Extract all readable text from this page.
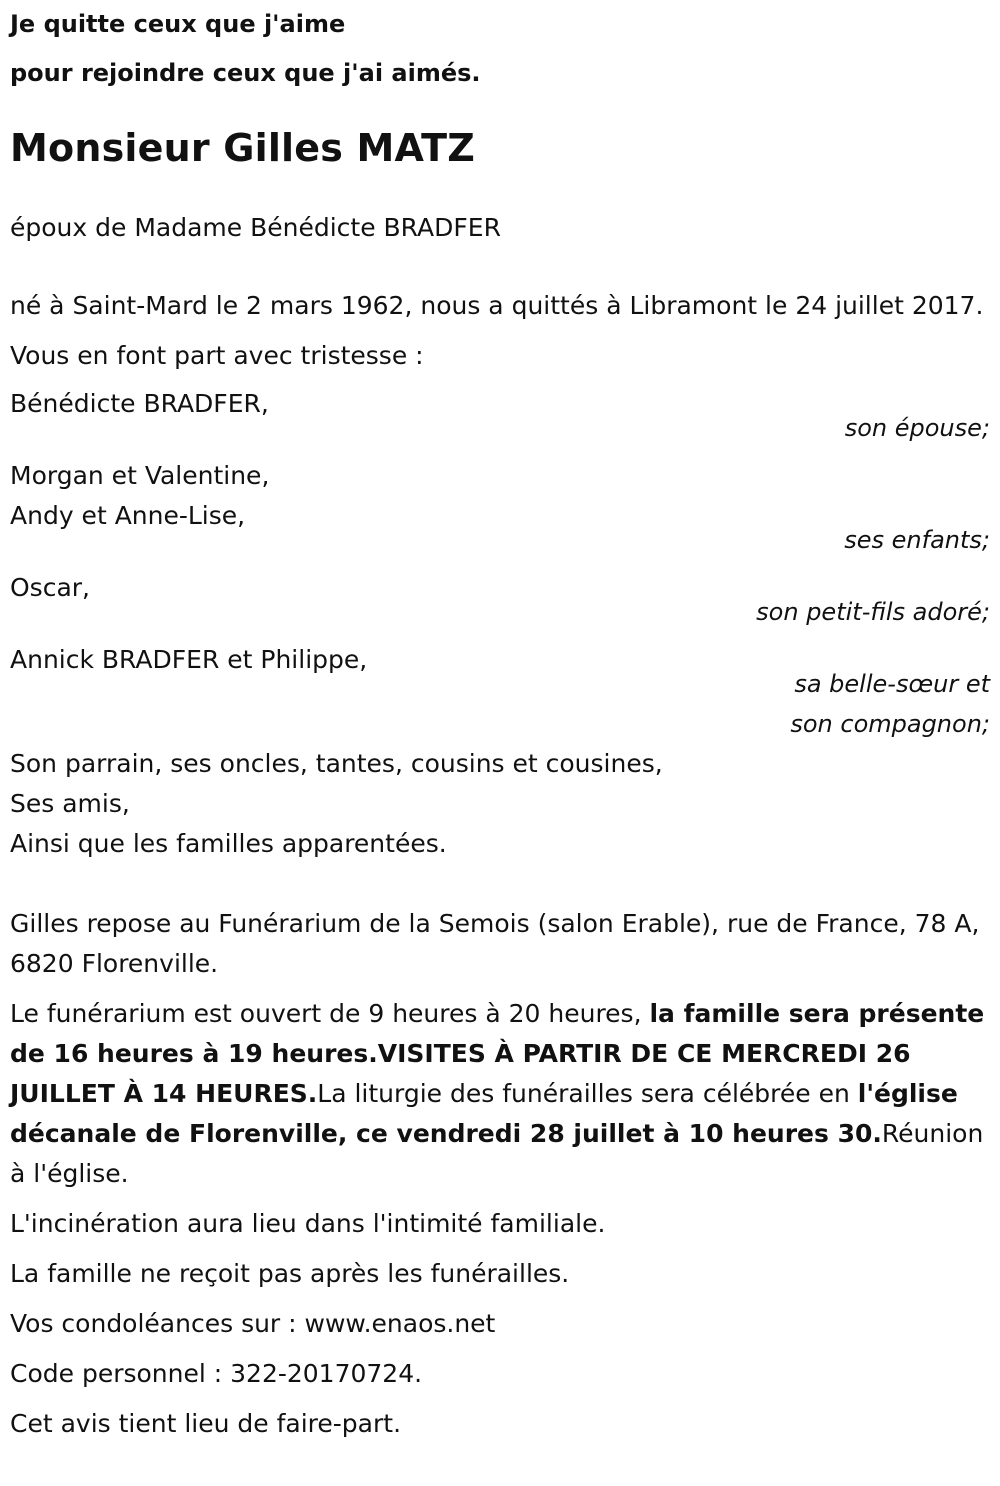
Je quitte ceux que j'aime
pour rejoindre ceux que j'ai aimés.

Monsieur Gilles MATZ

époux de Madame Bénédicte BRADFER

né à Saint-Mard le 2 mars 1962, nous a quittés à Libramont le 24 juillet 2017.

Vous en font part avec tristesse :

Bénédicte BRADFER,

son épouse;

Morgan et Valentine,

Andy et Anne-Lise,

ses enfants;

Oscar,

son petit-fils adoré;

Annick BRADFER et Philippe,

sa belle-sœur et

son compagnon;

Son parrain, ses oncles, tantes, cousins et cousines,

Ses amis,

Ainsi que les familles apparentées.

Gilles repose au Funérarium de la Semois (salon Erable), rue de France, 78 A, 6820 Florenville.

Le funérarium est ouvert de 9 heures à 20 heures, la famille sera présente de 16 heures à 19 heures.VISITES À PARTIR DE CE MERCREDI 26 JUILLET À 14 HEURES.La liturgie des funérailles sera célébrée en l'église décanale de Florenville, ce vendredi 28 juillet à 10 heures 30.Réunion à l'église.

L'incinération aura lieu dans l'intimité familiale.

La famille ne reçoit pas après les funérailles.

Vos condoléances sur : www.enaos.net

Code personnel : 322-20170724.

Cet avis tient lieu de faire-part.
